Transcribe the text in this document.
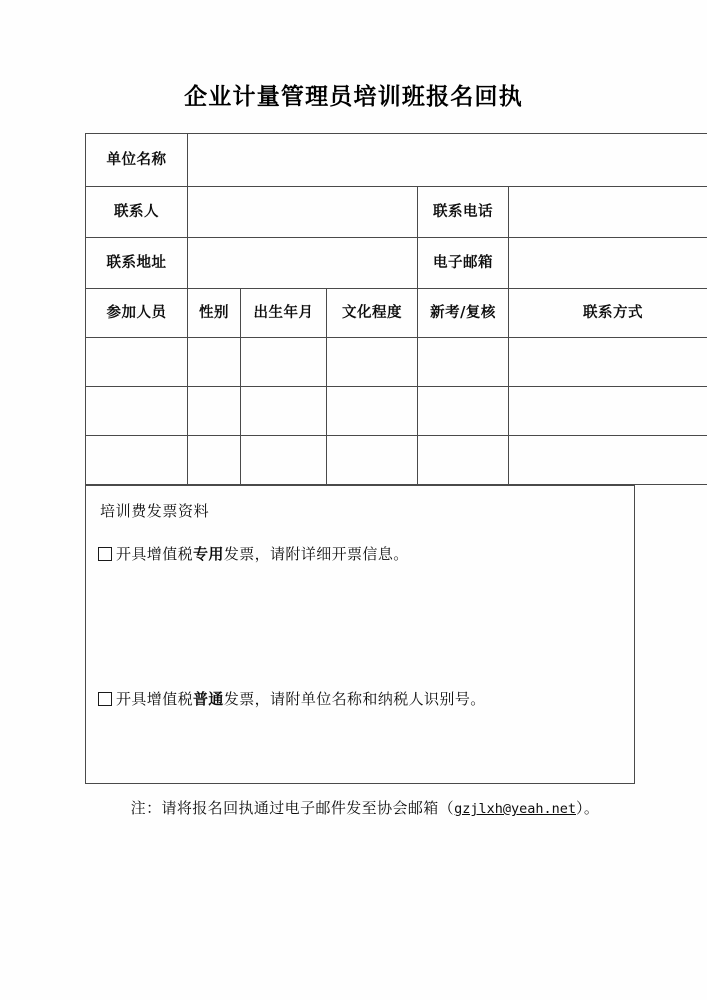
企业计量管理员培训班报名回执
单位名称					
联系人				联系电话	
联系地址				电子邮箱	
参加人员	性别	出生年月	文化程度	新考/复核	联系方式

培训费发票资料
开具增值税专用发票，请附详细开票信息。
开具增值税普通发票，请附单位名称和纳税人识别号。
注：请将报名回执通过电子邮件发至协会邮箱（gzjlxh@yeah.net）。
